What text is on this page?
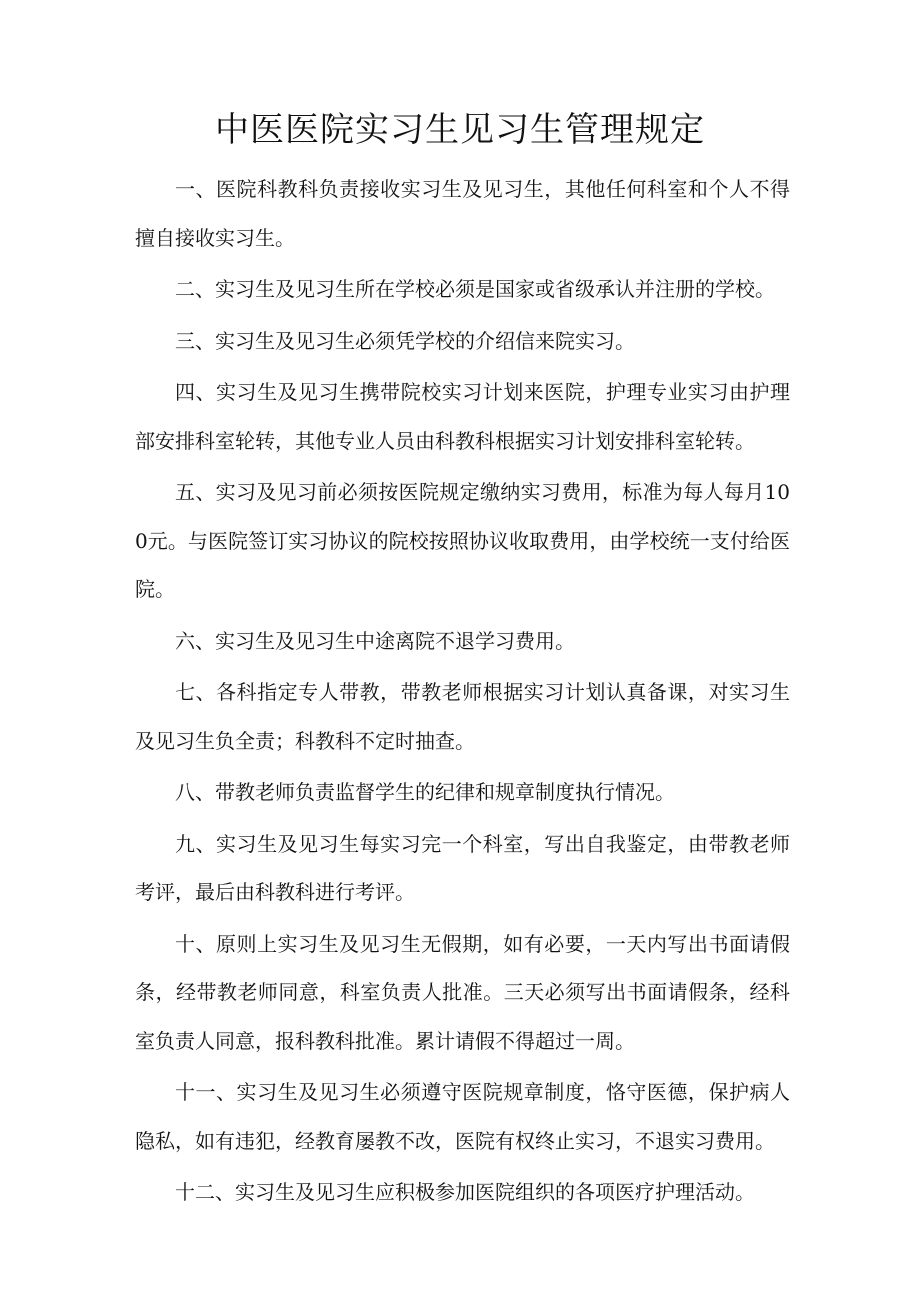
中医医院实习生见习生管理规定

一、医院科教科负责接收实习生及见习生，其他任何科室和个人不得擅自接收实习生。

二、实习生及见习生所在学校必须是国家或省级承认并注册的学校。

三、实习生及见习生必须凭学校的介绍信来院实习。

四、实习生及见习生携带院校实习计划来医院，护理专业实习由护理部安排科室轮转，其他专业人员由科教科根据实习计划安排科室轮转。

五、实习及见习前必须按医院规定缴纳实习费用，标准为每人每月100元。与医院签订实习协议的院校按照协议收取费用，由学校统一支付给医院。

六、实习生及见习生中途离院不退学习费用。

七、各科指定专人带教，带教老师根据实习计划认真备课，对实习生及见习生负全责；科教科不定时抽查。

八、带教老师负责监督学生的纪律和规章制度执行情况。

九、实习生及见习生每实习完一个科室，写出自我鉴定，由带教老师考评，最后由科教科进行考评。

十、原则上实习生及见习生无假期，如有必要，一天内写出书面请假条，经带教老师同意，科室负责人批准。三天必须写出书面请假条，经科室负责人同意，报科教科批准。累计请假不得超过一周。

十一、实习生及见习生必须遵守医院规章制度，恪守医德，保护病人隐私，如有违犯，经教育屡教不改，医院有权终止实习，不退实习费用。

十二、实习生及见习生应积极参加医院组织的各项医疗护理活动。
